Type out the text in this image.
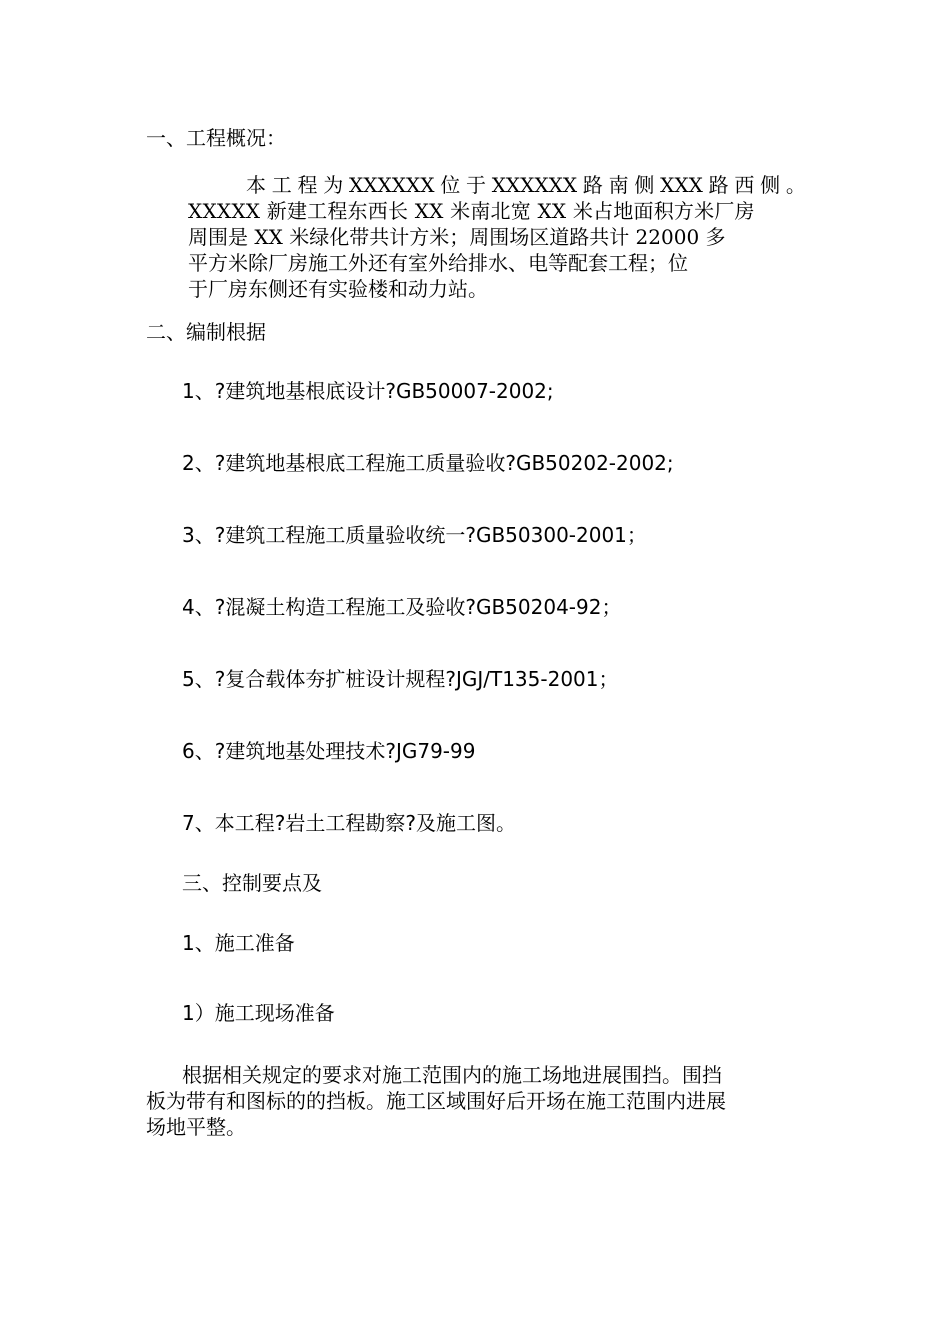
一、工程概况：
本 工 程 为 XXXXXX 位 于 XXXXXX 路 南 侧 XXX 路 西 侧 。
XXXXX 新建工程东西长 XX 米南北宽 XX 米占地面积方米厂房
周围是 XX 米绿化带共计方米；周围场区道路共计 22000 多
平方米除厂房施工外还有室外给排水、电等配套工程；位
于厂房东侧还有实验楼和动力站。
二、编制根据
1、?建筑地基根底设计?GB50007-2002;
2、?建筑地基根底工程施工质量验收?GB50202-2002;
3、?建筑工程施工质量验收统一?GB50300-2001；
4、?混凝土构造工程施工及验收?GB50204-92；
5、?复合载体夯扩桩设计规程?JGJ/T135-2001；
6、?建筑地基处理技术?JG79-99
7、本工程?岩土工程勘察?及施工图。
三、控制要点及
1、施工准备
1）施工现场准备
根据相关规定的要求对施工范围内的施工场地进展围挡。围挡
板为带有和图标的的挡板。施工区域围好后开场在施工范围内进展
场地平整。
